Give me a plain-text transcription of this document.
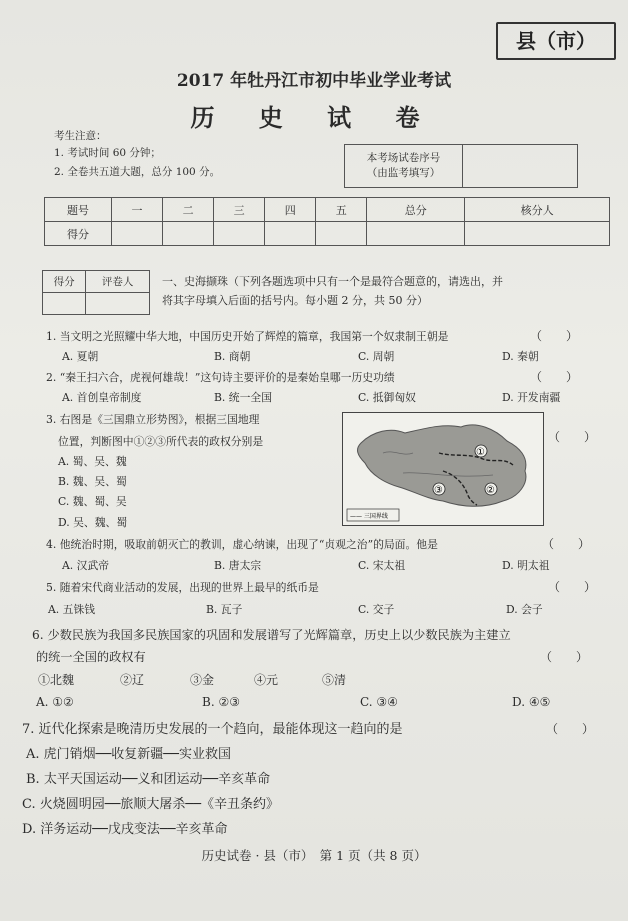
县（市）
2017 年牡丹江市初中毕业学业考试
历 史 试 卷
考生注意：
1. 考试时间 60 分钟；
2. 全卷共五道大题，总分 100 分。
本考场试卷序号
（由监考填写）
题号	一	二	三	四	五	总分	核分人
得分							
得分	评卷人
		一、史海撷珠（下列各题选项中只有一个是最符合题意的，请选出，并
将其字母填入后面的括号内。每小题 2 分，共 50 分）
1. 当文明之光照耀中华大地，中国历史开始了辉煌的篇章，我国第一个奴隶制王朝是	（　　）
A. 夏朝	B. 商朝	C. 周朝	D. 秦朝
2. “秦王扫六合，虎视何雄哉！”这句诗主要评价的是秦始皇哪一历史功绩	（　　）
A. 首创皇帝制度	B. 统一全国	C. 抵御匈奴	D. 开发南疆
3. 右图是《三国鼎立形势图》，根据三国地理
位置，判断图中①②③所代表的政权分别是	（　　）
A. 蜀、吴、魏
B. 魏、吴、蜀
C. 魏、蜀、吴
D. 吴、魏、蜀
①
③	②
—— 三国界线
4. 他统治时期，吸取前朝灭亡的教训，虚心纳谏，出现了“贞观之治”的局面。他是	（　　）
A. 汉武帝	B. 唐太宗	C. 宋太祖	D. 明太祖
5. 随着宋代商业活动的发展，出现的世界上最早的纸币是	（　　）
A. 五铢钱	B. 瓦子	C. 交子	D. 会子
6. 少数民族为我国多民族国家的巩固和发展谱写了光辉篇章，历史上以少数民族为主建立
的统一全国的政权有	（　　）
①北魏	②辽	③金	④元	⑤清
A. ①②	B. ②③	C. ③④	D. ④⑤
7. 近代化探索是晚清历史发展的一个趋向，最能体现这一趋向的是	（　　）
A. 虎门销烟──收复新疆──实业救国
B. 太平天国运动──义和团运动──辛亥革命
C. 火烧圆明园──旅顺大屠杀──《辛丑条约》
D. 洋务运动──戊戌变法──辛亥革命
历史试卷 · 县（市）　第 1 页（共 8 页）
